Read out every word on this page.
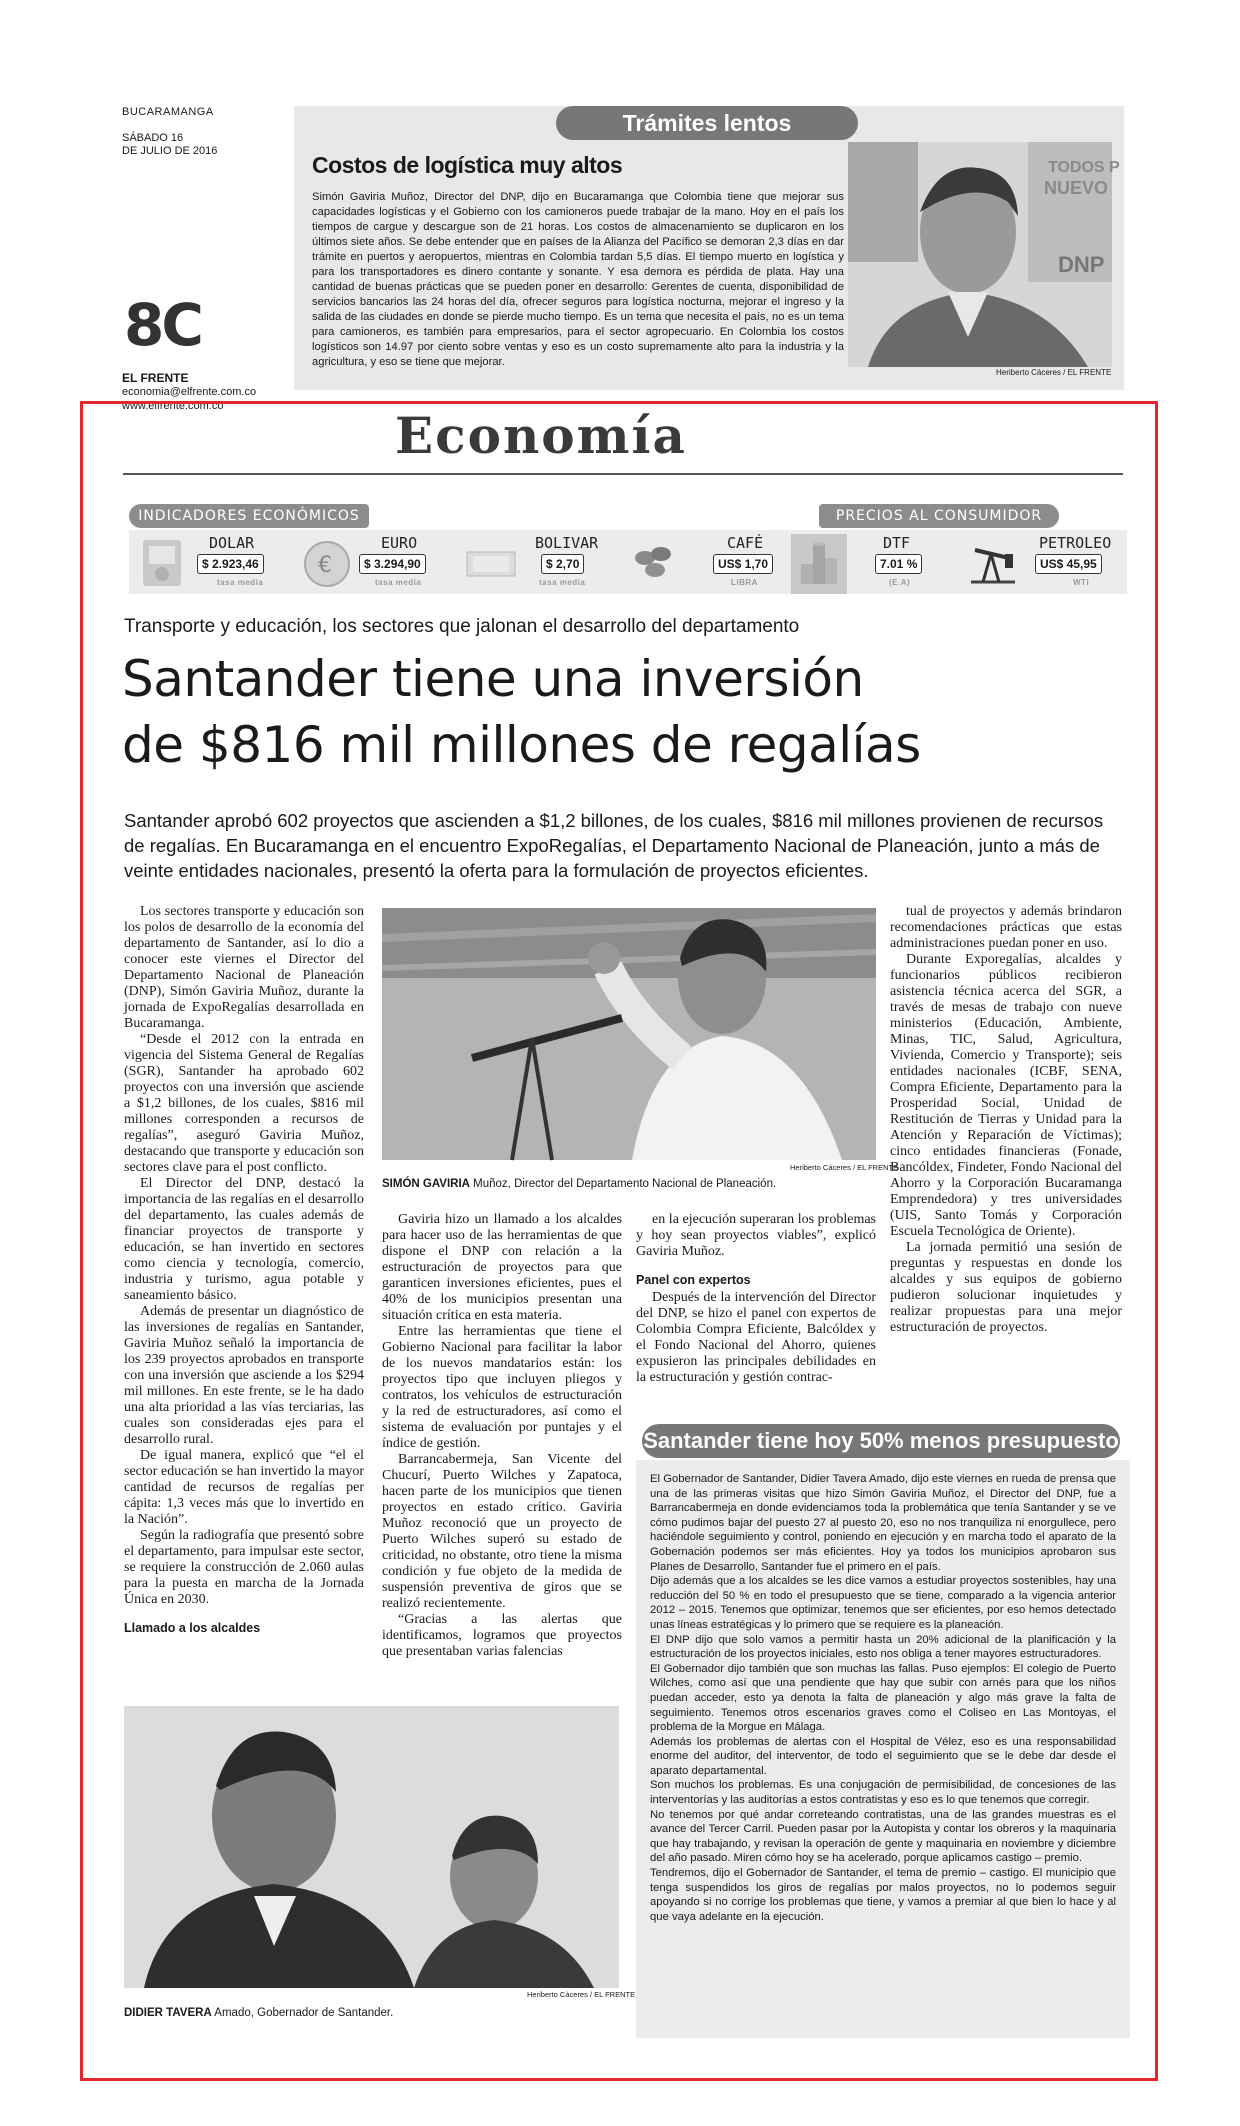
BUCARAMANGA
SÁBADO 16
DE JULIO DE 2016
8C
EL FRENTE
economia@elfrente.com.co
www.elfrente.com.co
Trámites lentos
Costos de logística muy altos
Simón Gaviria Muñoz, Director del DNP, dijo en Bucaramanga que Colombia tiene que mejorar sus capacidades logísticas y el Gobierno con los camioneros puede trabajar de la mano. Hoy en el país los tiempos de cargue y descargue son de 21 horas. Los costos de almacenamiento se duplicaron en los últimos siete años. Se debe entender que en países de la Alianza del Pacífico se demoran 2,3 días en dar trámite en puertos y aeropuertos, mientras en Colombia tardan 5,5 días. El tiempo muerto en logística y para los transportadores es dinero contante y sonante. Y esa demora es pérdida de plata. Hay una cantidad de buenas prácticas que se pueden poner en desarrollo: Gerentes de cuenta, disponibilidad de servicios bancarios las 24 horas del día, ofrecer seguros para logística nocturna, mejorar el ingreso y la salida de las ciudades en donde se pierde mucho tiempo. Es un tema que necesita el país, no es un tema para camioneros, es también para empresarios, para el sector agropecuario. En Colombia los costos logísticos son 14.97 por ciento sobre ventas y eso es un costo supremamente alto para la industria y la agricultura, y eso se tiene que mejorar.
TODOS P
NUEVO
DNP
Heriberto Cáceres / EL FRENTE
Economía
INDICADORES ECONÓMICOS	PRECIOS AL CONSUMIDOR
DOLAR
$ 2.923,46
tasa media
€
EURO
$ 3.294,90
tasa media
BOLIVAR
$ 2,70
tasa media
CAFÉ
US$ 1,70
LIBRA
DTF
7.01 %
(E.A)
PETROLEO
US$ 45,95
WTI
Transporte y educación, los sectores que jalonan el desarrollo del departamento
Santander tiene una inversión
de $816 mil millones de regalías
Santander aprobó 602 proyectos que ascienden a $1,2 billones, de los cuales, $816 mil millones provienen de recursos de regalías. En Bucaramanga en el encuentro ExpoRegalías, el Departamento Nacional de Planeación, junto a más de veinte entidades nacionales, presentó la oferta para la formulación de proyectos eficientes.

Los sectores transporte y educación son los polos de desarrollo de la economía del departamento de Santander, así lo dio a conocer este viernes el Director del Departamento Nacional de Planeación (DNP), Simón Gaviria Muñoz, durante la jornada de ExpoRegalías desarrollada en Bucaramanga.

“Desde el 2012 con la entrada en vigencia del Sistema General de Regalías (SGR), Santander ha aprobado 602 proyectos con una inversión que asciende a $1,2 billones, de los cuales, $816 mil millones corresponden a recursos de regalías”, aseguró Gaviria Muñoz, destacando que transporte y educación son sectores clave para el post conflicto.

El Director del DNP, destacó la importancia de las regalías en el desarrollo del departamento, las cuales además de financiar proyectos de transporte y educación, se han invertido en sectores como ciencia y tecnología, comercio, industria y turismo, agua potable y saneamiento básico.

Además de presentar un diagnóstico de las inversiones de regalías en Santander, Gaviria Muñoz señaló la importancia de los 239 proyectos aprobados en transporte con una inversión que asciende a los $294 mil millones. En este frente, se le ha dado una alta prioridad a las vías terciarias, las cuales son consideradas ejes para el desarrollo rural.

De igual manera, explicó que “el el sector educación se han invertido la mayor cantidad de recursos de regalías per cápita: 1,3 veces más que lo invertido en la Nación”.

Según la radiografía que presentó sobre el departamento, para impulsar este sector, se requiere la construcción de 2.060 aulas para la puesta en marcha de la Jornada Única en 2030.

Llamado a los alcaldes
Heriberto Cáceres / EL FRENTE
SIMÓN GAVIRIA Muñoz, Director del Departamento Nacional de Planeación.

Gaviria hizo un llamado a los alcaldes para hacer uso de las herramientas de que dispone el DNP con relación a la estructuración de proyectos para que garanticen inversiones eficientes, pues el 40% de los municipios presentan una situación crítica en esta materia.

Entre las herramientas que tiene el Gobierno Nacional para facilitar la labor de los nuevos mandatarios están: los proyectos tipo que incluyen pliegos y contratos, los vehículos de estructuración y la red de estructuradores, así como el sistema de evaluación por puntajes y el índice de gestión.

Barrancabermeja, San Vicente del Chucurí, Puerto Wilches y Zapatoca, hacen parte de los municipios que tienen proyectos en estado crítico. Gaviria Muñoz reconoció que un proyecto de Puerto Wilches superó su estado de criticidad, no obstante, otro tiene la misma condición y fue objeto de la medida de suspensión preventiva de giros que se realizó recientemente.

“Gracias a las alertas que identificamos, logramos que proyectos que presentaban varias falencias

en la ejecución superaran los problemas y hoy sean proyectos viables”, explicó Gaviria Muñoz.

Panel con expertos

Después de la intervención del Director del DNP, se hizo el panel con expertos de Colombia Compra Eficiente, Balcóldex y el Fondo Nacional del Ahorro, quienes expusieron las principales debilidades en la estructuración y gestión contrac-

tual de proyectos y además brindaron recomendaciones prácticas que estas administraciones puedan poner en uso.

Durante Exporegalías, alcaldes y funcionarios públicos recibieron asistencia técnica acerca del SGR, a través de mesas de trabajo con nueve ministerios (Educación, Ambiente, Minas, TIC, Salud, Agricultura, Vivienda, Comercio y Transporte); seis entidades nacionales (ICBF, SENA, Compra Eficiente, Departamento para la Prosperidad Social, Unidad de Restitución de Tierras y Unidad para la Atención y Reparación de Víctimas); cinco entidades financieras (Fonade, Bancóldex, Findeter, Fondo Nacional del Ahorro y la Corporación Bucaramanga Emprendedora) y tres universidades (UIS, Santo Tomás y Corporación Escuela Tecnológica de Oriente).

La jornada permitió una sesión de preguntas y respuestas en donde los alcaldes y sus equipos de gobierno pudieron solucionar inquietudes y realizar propuestas para una mejor estructuración de proyectos.

Heriberto Cáceres / EL FRENTE
DIDIER TAVERA Amado, Gobernador de Santander.
Santander tiene hoy 50% menos presupuesto

El Gobernador de Santander, Didier Tavera Amado, dijo este viernes en rueda de prensa que una de las primeras visitas que hizo Simón Gaviria Muñoz, el Director del DNP, fue a Barrancabermeja en donde evidenciamos toda la problemática que tenía Santander y se ve cómo pudimos bajar del puesto 27 al puesto 20, eso no nos tranquiliza ni enorgullece, pero haciéndole seguimiento y control, poniendo en ejecución y en marcha todo el aparato de la Gobernación podemos ser más eficientes. Hoy ya todos los municipios aprobaron sus Planes de Desarrollo, Santander fue el primero en el país.

Dijo además que a los alcaldes se les dice vamos a estudiar proyectos sostenibles, hay una reducción del 50 % en todo el presupuesto que se tiene, comparado a la vigencia anterior 2012 – 2015. Tenemos que optimizar, tenemos que ser eficientes, por eso hemos detectado unas líneas estratégicas y lo primero que se requiere es la planeación.

El DNP dijo que solo vamos a permitir hasta un 20% adicional de la planificación y la estructuración de los proyectos iniciales, esto nos obliga a tener mayores estructuradores.

El Gobernador dijo también que son muchas las fallas. Puso ejemplos: El colegio de Puerto Wilches, como así que una pendiente que hay que subir con arnés para que los niños puedan acceder, esto ya denota la falta de planeación y algo más grave la falta de seguimiento. Tenemos otros escenarios graves como el Coliseo en Las Montoyas, el problema de la Morgue en Málaga.

Además los problemas de alertas con el Hospital de Vélez, eso es una responsabilidad enorme del auditor, del interventor, de todo el seguimiento que se le debe dar desde el aparato departamental.

Son muchos los problemas. Es una conjugación de permisibilidad, de concesiones de las interventorías y las auditorías a estos contratistas y eso es lo que tenemos que corregir.

No tenemos por qué andar correteando contratistas, una de las grandes muestras es el avance del Tercer Carril. Pueden pasar por la Autopista y contar los obreros y la maquinaria que hay trabajando, y revisan la operación de gente y maquinaria en noviembre y diciembre del año pasado. Miren cómo hoy se ha acelerado, porque aplicamos castigo – premio.

Tendremos, dijo el Gobernador de Santander, el tema de premio – castigo. El municipio que tenga suspendidos los giros de regalías por malos proyectos, no lo podemos seguir apoyando si no corrige los problemas que tiene, y vamos a premiar al que bien lo hace y al que vaya adelante en la ejecución.
